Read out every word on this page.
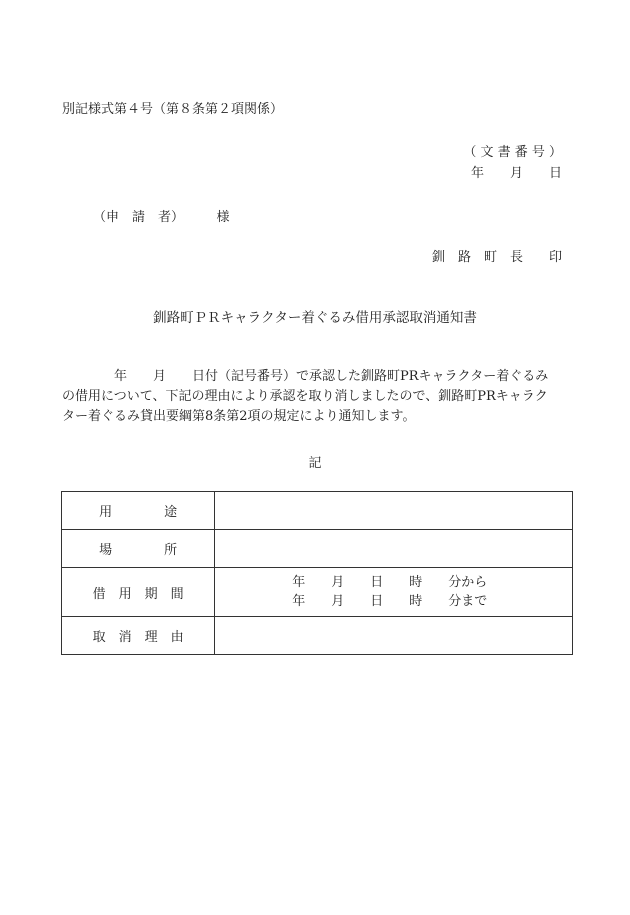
別記様式第４号（第８条第２項関係）
（ 文 書 番 号 ）
年　　月　　日
（申　請　者）　　　様
釧　路　町　長　　印
釧路町ＰＲキャラクター着ぐるみ借用承認取消通知書
　　　　年　　月　　日付（記号番号）で承認した釧路町PRキャラクター着ぐるみ
の借用について、下記の理由により承認を取り消しましたので、釧路町PRキャラク
ター着ぐるみ貸出要綱第8条第2項の規定により通知します。
記
用　　　　途	
場　　　　所	
借　用　期　間	年　　月　　日　　時　　分から
年　　月　　日　　時　　分まで

取　消　理　由	
